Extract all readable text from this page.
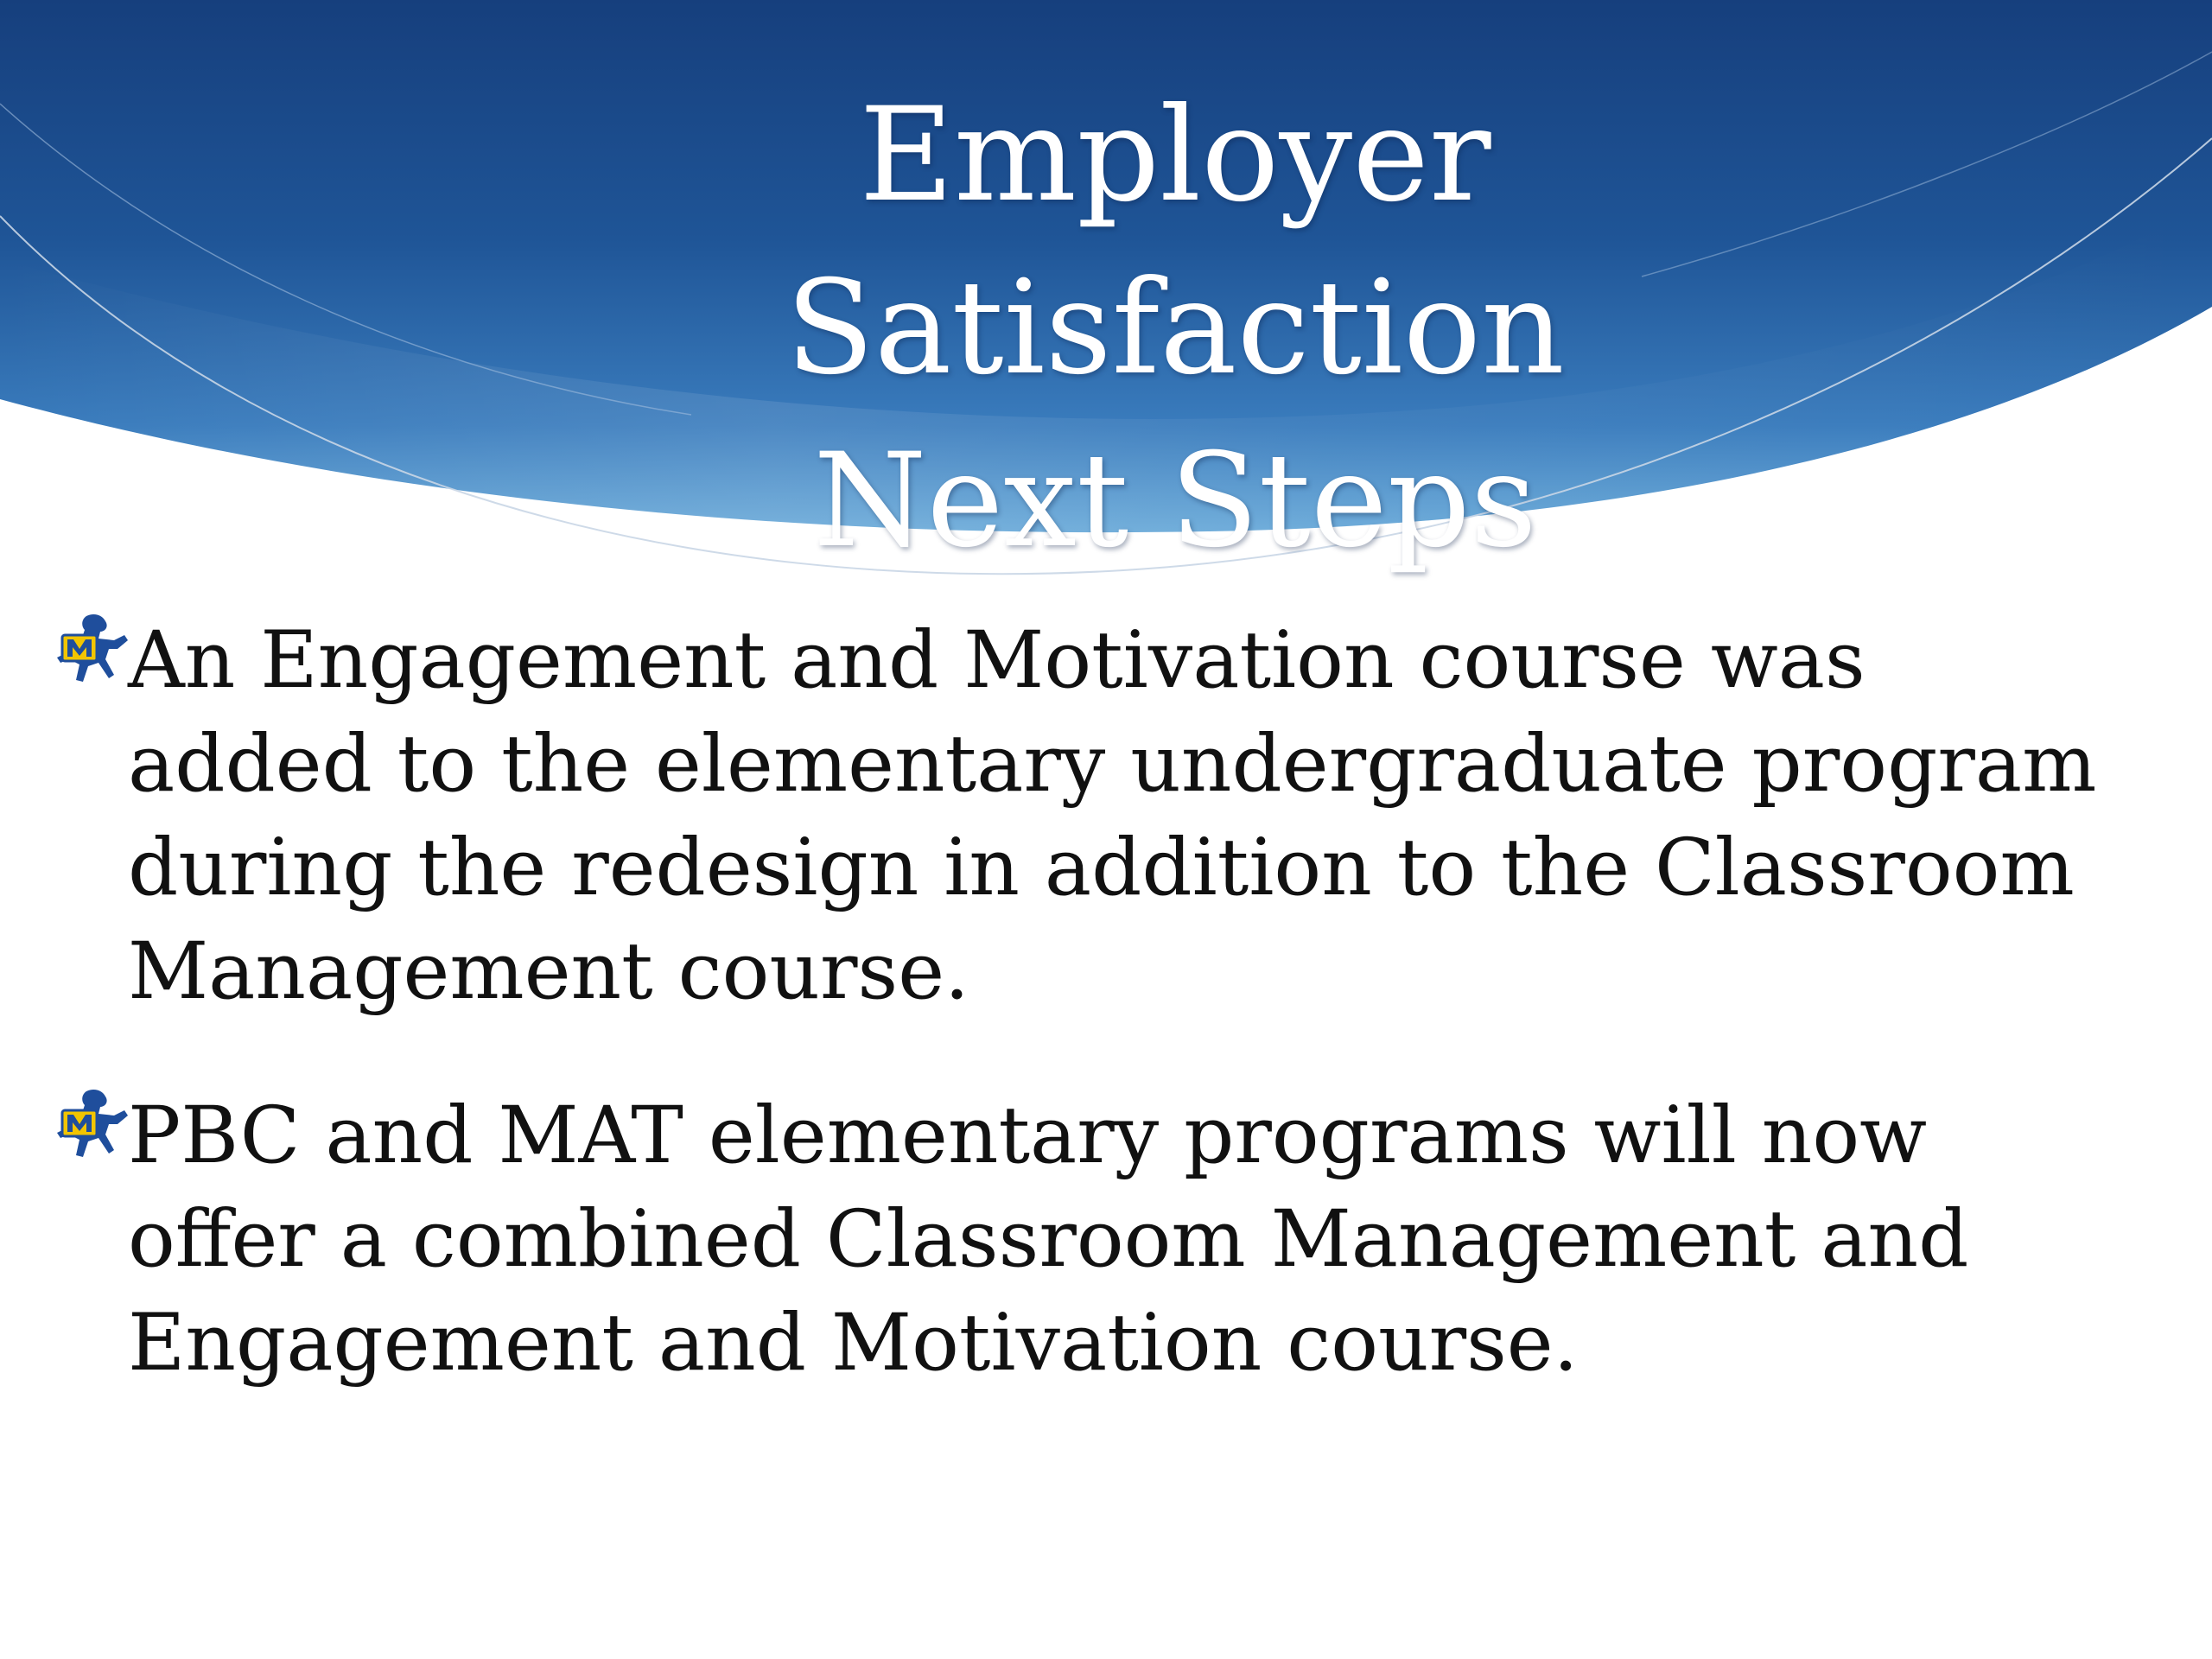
Employer Satisfaction
Next Steps
An Engagement and Motivation course was added to the elementary undergraduate program during the redesign in addition to the Classroom Management course.
PBC and MAT elementary programs will now offer a combined Classroom Management and Engagement and Motivation course.
